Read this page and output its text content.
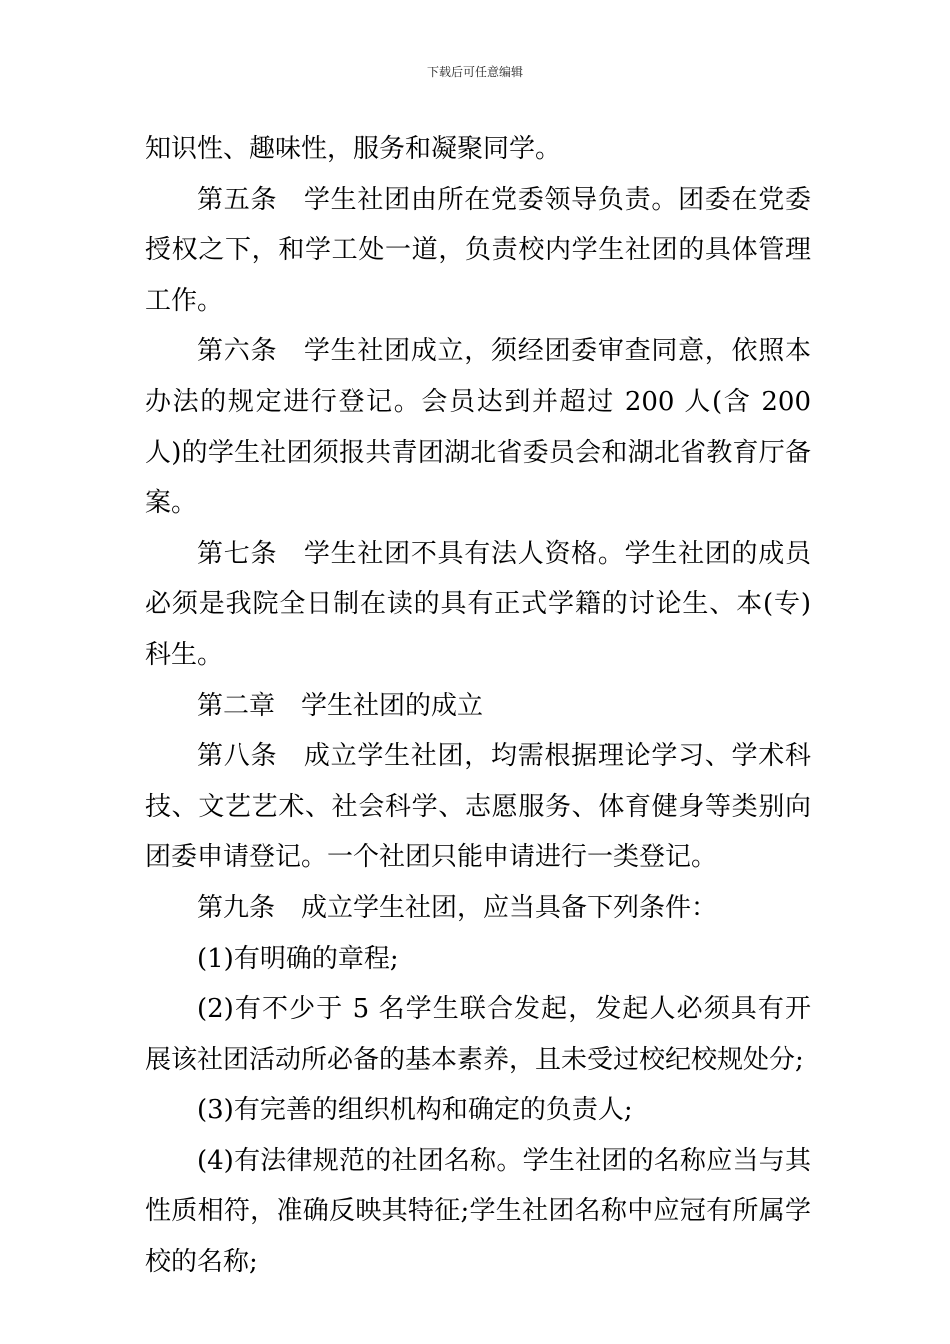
下载后可任意编辑

知识性、趣味性，服务和凝聚同学。

第五条　学生社团由所在党委领导负责。团委在党委授权之下，和学工处一道，负责校内学生社团的具体管理工作。

第六条　学生社团成立，须经团委审查同意，依照本办法的规定进行登记。会员达到并超过 200 人(含 200 人)的学生社团须报共青团湖北省委员会和湖北省教育厅备案。

第七条　学生社团不具有法人资格。学生社团的成员必须是我院全日制在读的具有正式学籍的讨论生、本(专)科生。

第二章　学生社团的成立

第八条　成立学生社团，均需根据理论学习、学术科技、文艺艺术、社会科学、志愿服务、体育健身等类别向团委申请登记。一个社团只能申请进行一类登记。

第九条　成立学生社团，应当具备下列条件：

(1)有明确的章程;

(2)有不少于 5 名学生联合发起，发起人必须具有开展该社团活动所必备的基本素养，且未受过校纪校规处分;

(3)有完善的组织机构和确定的负责人;

(4)有法律规范的社团名称。学生社团的名称应当与其性质相符，准确反映其特征;学生社团名称中应冠有所属学校的名称;
